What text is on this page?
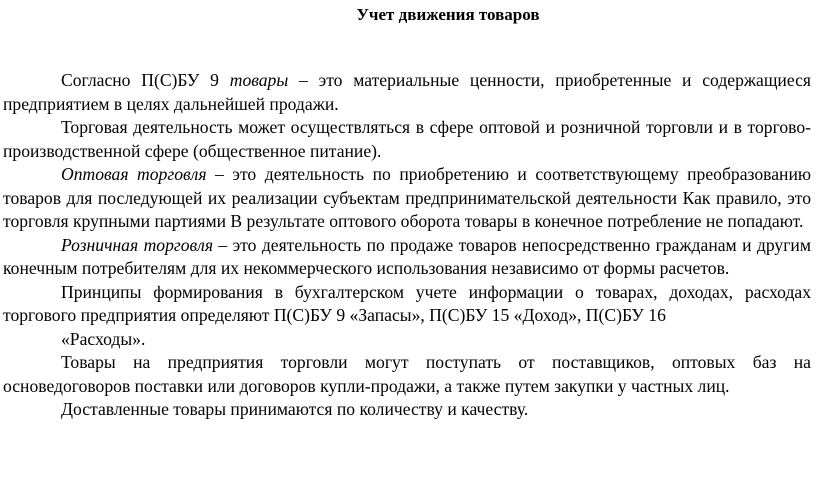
Учет движения товаров

Согласно П(С)БУ 9 товары – это материальные ценности, приобретенные и содержащиеся предприятием в целях дальнейшей продажи.

Торговая деятельность может осуществляться в сфере оптовой и розничной торговли и в торгово-производственной сфере (общественное питание).

Оптовая торговля – это деятельность по приобретению и соответствующему преобразованию товаров для последующей их реализации субъектам предпринимательской деятельности Как правило, это торговля крупными партиями В результате оптового оборота товары в конечное потребление не попадают.

Розничная торговля – это деятельность по продаже товаров непосредственно гражданам и другим конечным потребителям для их некоммерческого использования независимо от формы расчетов.

Принципы формирования в бухгалтерском учете информации о товарах, доходах, расходах торгового предприятия определяют П(С)БУ 9 «Запасы», П(С)БУ 15 «Доход», П(С)БУ 16

«Расходы».

Товары на предприятия торговли могут поступать от поставщиков, оптовых баз на основедоговоров поставки или договоров купли-продажи, а также путем закупки у частных лиц.

Доставленные товары принимаются по количеству и качеству.
